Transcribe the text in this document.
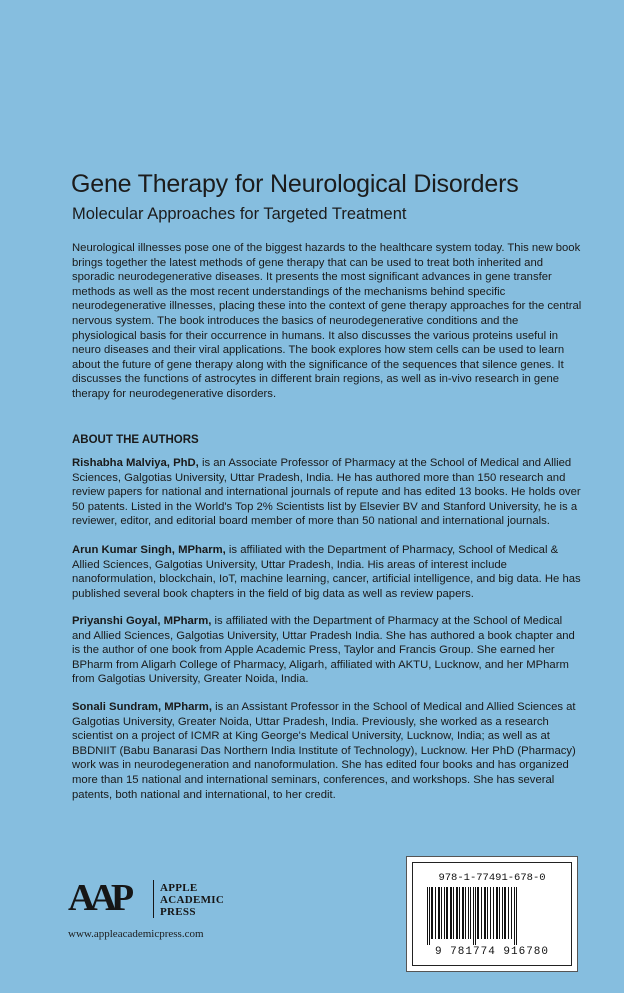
Gene Therapy for Neurological Disorders
Molecular Approaches for Targeted Treatment

Neurological illnesses pose one of the biggest hazards to the healthcare system today. This new book brings together the latest methods of gene therapy that can be used to treat both inherited and sporadic neurodegenerative diseases. It presents the most significant advances in gene transfer methods as well as the most recent understandings of the mechanisms behind specific neurodegenerative illnesses, placing these into the context of gene therapy approaches for the central nervous system. The book introduces the basics of neurodegenerative conditions and the physiological basis for their occurrence in humans. It also discusses the various proteins useful in neuro diseases and their viral applications. The book explores how stem cells can be used to learn about the future of gene therapy along with the significance of the sequences that silence genes. It discusses the functions of astrocytes in different brain regions, as well as in-vivo research in gene therapy for neurodegenerative disorders.

ABOUT THE AUTHORS

Rishabha Malviya, PhD, is an Associate Professor of Pharmacy at the School of Medical and Allied Sciences, Galgotias University, Uttar Pradesh, India. He has authored more than 150 research and review papers for national and international journals of repute and has edited 13 books. He holds over 50 patents. Listed in the World's Top 2% Scientists list by Elsevier BV and Stanford University, he is a reviewer, editor, and editorial board member of more than 50 national and international journals.

Arun Kumar Singh, MPharm, is affiliated with the Department of Pharmacy, School of Medical & Allied Sciences, Galgotias University, Uttar Pradesh, India. His areas of interest include nanoformulation, blockchain, IoT, machine learning, cancer, artificial intelligence, and big data. He has published several book chapters in the field of big data as well as review papers.

Priyanshi Goyal, MPharm, is affiliated with the Department of Pharmacy at the School of Medical and Allied Sciences, Galgotias University, Uttar Pradesh India. She has authored a book chapter and is the author of one book from Apple Academic Press, Taylor and Francis Group. She earned her BPharm from Aligarh College of Pharmacy, Aligarh, affiliated with AKTU, Lucknow, and her MPharm from Galgotias University, Greater Noida, India.

Sonali Sundram, MPharm, is an Assistant Professor in the School of Medical and Allied Sciences at Galgotias University, Greater Noida, Uttar Pradesh, India. Previously, she worked as a research scientist on a project of ICMR at King George's Medical University, Lucknow, India; as well as at BBDNIIT (Babu Banarasi Das Northern India Institute of Technology), Lucknow. Her PhD (Pharmacy) work was in neurodegeneration and nanoformulation. She has edited four books and has organized more than 15 national and international seminars, conferences, and workshops. She has several patents, both national and international, to her credit.

AAP	APPLE
ACADEMIC
PRESS
www.appleacademicpress.com
978-1-77491-678-0
9 781774 916780
